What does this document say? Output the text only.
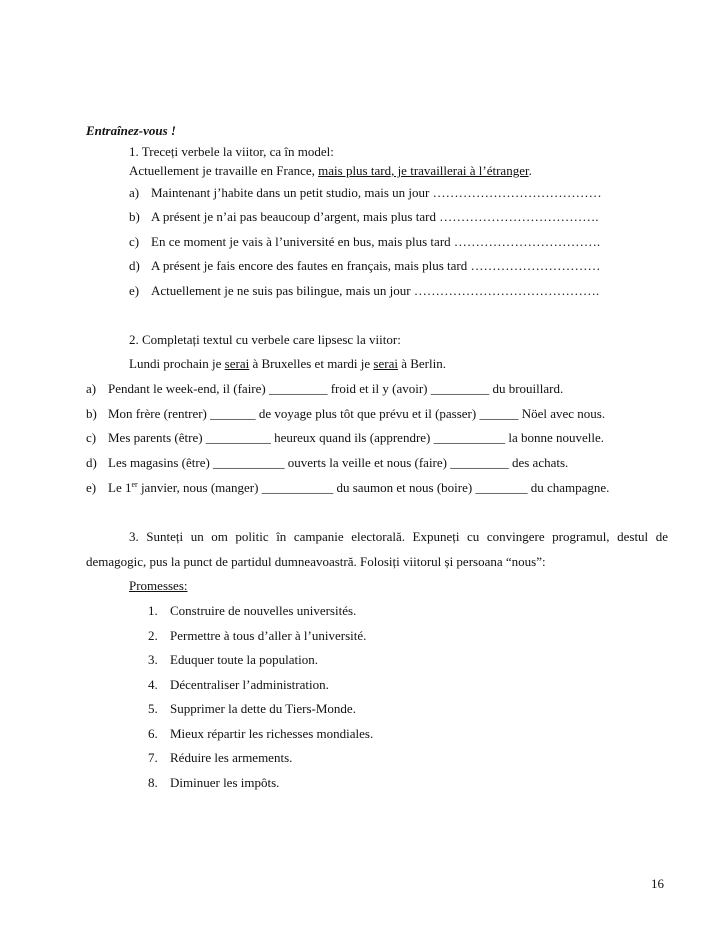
Entraînez-vous !
1. Treceți verbele la viitor, ca în model:
Actuellement je travaille en France, mais plus tard, je travaillerai à l’étranger.
a) Maintenant j’habite dans un petit studio, mais un jour …………………………………
b) A présent je n’ai pas beaucoup d’argent, mais plus tard ……………………………….
c) En ce moment je vais à l’université en bus, mais plus tard …………………………….
d) A présent je fais encore des fautes en français, mais plus tard …………………………
e) Actuellement je ne suis pas bilingue, mais un jour …………………………………….
2. Completați textul cu verbele care lipsesc la viitor:
Lundi prochain je serai à Bruxelles et mardi je serai à Berlin.
a) Pendant le week-end, il (faire) _________ froid et il y (avoir) _________ du brouillard.
b) Mon frère (rentrer) _______ de voyage plus tôt que prévu et il (passer) ______ Nöel avec nous.
c) Mes parents (être) __________ heureux quand ils (apprendre) ___________ la bonne nouvelle.
d) Les magasins (être) ___________ ouverts la veille et nous (faire) _________ des achats.
e) Le 1er janvier, nous (manger) ___________ du saumon et nous (boire) ________ du champagne.
3. Sunteți un om politic în campanie electorală. Expuneți cu convingere programul, destul de
demagogic, pus la punct de partidul dumneavoastră. Folosiți viitorul și persoana “nous”:
Promesses:
1. Construire de nouvelles universités.
2. Permettre à tous d’aller à l’université.
3. Eduquer toute la population.
4. Décentraliser l’administration.
5. Supprimer la dette du Tiers-Monde.
6. Mieux répartir les richesses mondiales.
7. Réduire les armements.
8. Diminuer les impôts.
16
